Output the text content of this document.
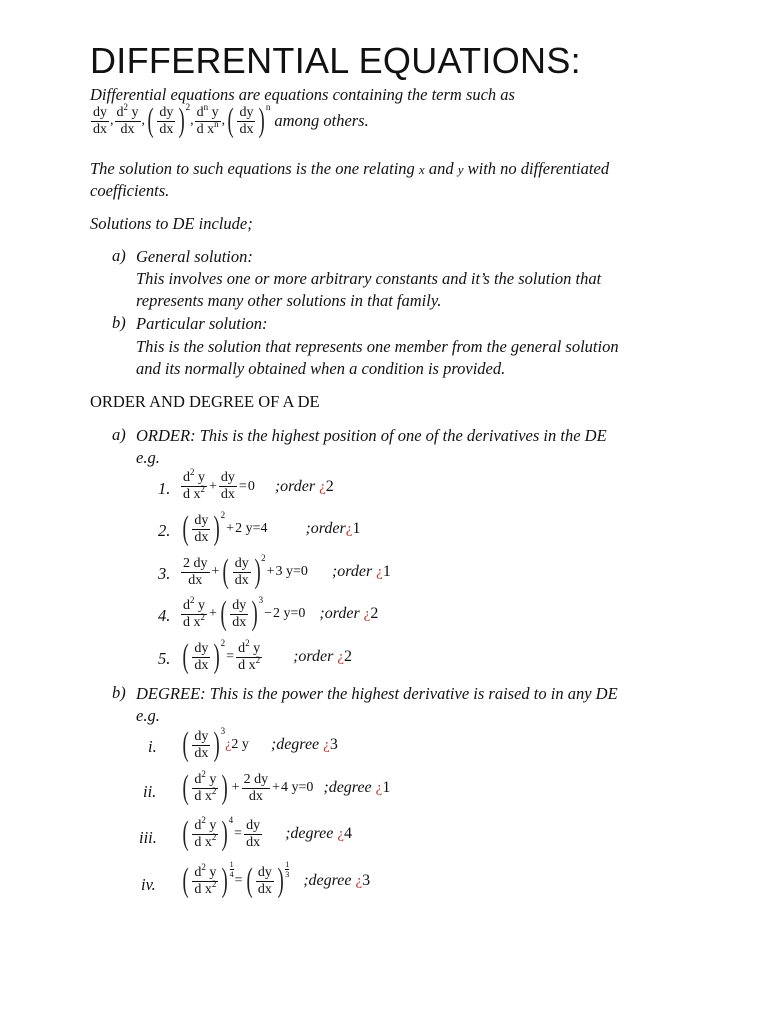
DIFFERENTIAL EQUATIONS:
Differential equations are equations containing the term such as
$\frac{dy}{dx}$ , $\frac{d^2 y}{dx}$ , ( $\frac{dy}{dx}$ ) 2
, $\frac{d^n y}{d x^n}$ , ( $\frac{dy}{dx}$ ) n
among others.
The solution to such equations is the one relating x and y with no differentiated
coefficients.
Solutions to DE include;
a) General solution:
This involves one or more arbitrary constants and it’s the solution that
represents many other solutions in that family.
b) Particular solution:
This is the solution that represents one member from the general solution
and its normally obtained when a condition is provided.
ORDER AND DEGREE OF A DE
a) ORDER: This is the highest position of one of the derivatives in the DE
e.g.
1. $\frac{d^2 y}{d x^2} + \frac{dy}{dx} = 0$ ;order ¿2
2. ( $\frac{dy}{dx}$ ) 2
+ 2 y=4 ;order¿1
3. $\frac{2 dy}{dx}$ + ( $\frac{dy}{dx}$ ) 2
+ 3 y=0 ;order ¿1
4. $\frac{d^2 y}{d x^2}$ + ( $\frac{dy}{dx}$ ) 3
− 2 y=0 ;order ¿2
5. ( $\frac{dy}{dx}$ ) 2
= $\frac{d^2 y}{d x^2}$ ;order ¿2
b) DEGREE: This is the power the highest derivative is raised to in any DE
e.g.
i. ( $\frac{dy}{dx}$ ) 3
¿ 2 y ;degree ¿3
ii. ( $\frac{d^2 y}{d x^2}$ ) + $\frac{2 dy}{dx} + 4$ y=0 ;degree ¿1
iii. ( $\frac{d^2 y}{d x^2}$ ) 4
= $\frac{dy}{dx}$ ;degree ¿4
iv. ( $\frac{d^2 y}{d x^2}$ ) 1
4 = ( $\frac{dy}{dx}$ ) 1
3 ;degree ¿3
